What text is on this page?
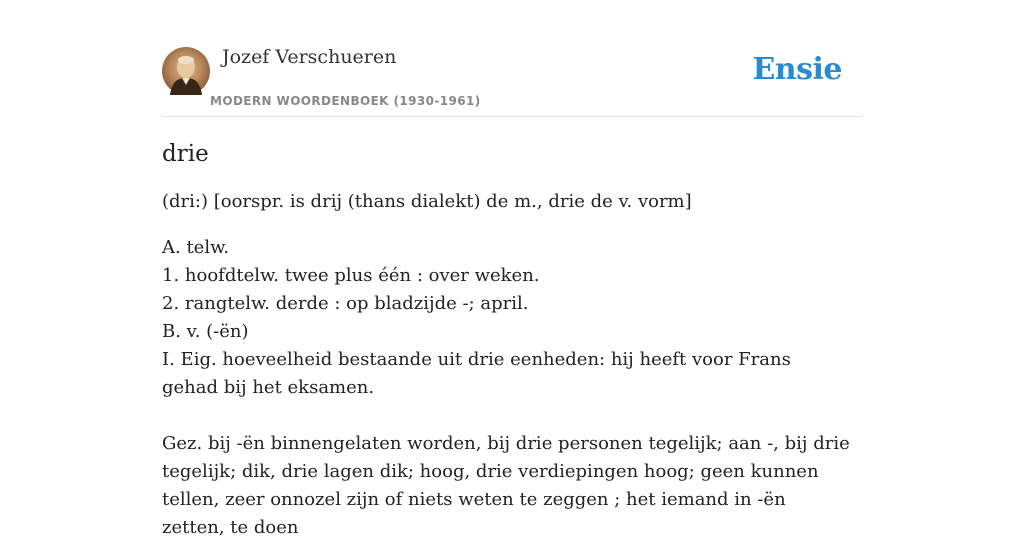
Jozef Verschueren
MODERN WOORDENBOEK (1930-1961)
Ensie
drie

(dri:) [oorspr. is drij (thans dialekt) de m., drie de v. vorm]

A. telw.
1. hoofdtelw. twee plus één : over weken.
2. rangtelw. derde : op bladzijde -; april.
B. v. (-ën)
I. Eig. hoeveelheid bestaande uit drie eenheden: hij heeft voor Frans gehad bij het eksamen.
Gez. bij -ën binnengelaten worden, bij drie personen tegelijk; aan -, bij drie tegelijk; dik, drie lagen dik; hoog, drie verdiepingen hoog; geen kunnen tellen, zeer onnozel zijn of niets weten te zeggen ; het iemand in -ën zetten, te doen
